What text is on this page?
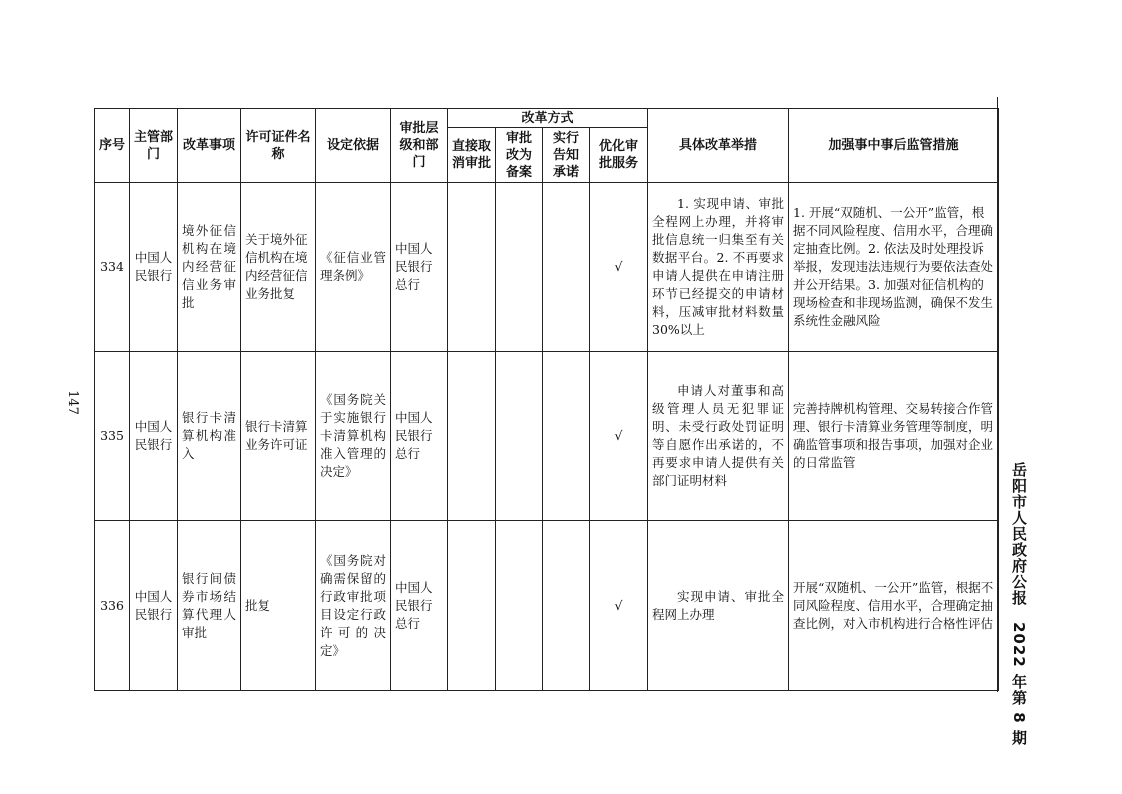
147
岳阳市人民政府公报2022 年第 8 期
序号	主管部门	改革事项	许可证件名称	设定依据	审批层级和部门	改革方式				具体改革举措	加强事中事后监管措施
						直接取消审批	审批改为备案	实行告知承诺	优化审批服务		
334	中国人民银行	境外征信机构在境内经营征信业务审批	关于境外征信机构在境内经营征信业务批复	《征信业管理条例》	中国人民银行总行				√	1. 实现申请、审批全程网上办理，并将审批信息统一归集至有关数据平台。2. 不再要求申请人提供在申请注册环节已经提交的申请材料，压减审批材料数量 30%以上	1. 开展“双随机、一公开”监管，根据不同风险程度、信用水平，合理确定抽查比例。2. 依法及时处理投诉举报，发现违法违规行为要依法查处并公开结果。3. 加强对征信机构的现场检查和非现场监测，确保不发生系统性金融风险
335	中国人民银行	银行卡清算机构准入	银行卡清算业务许可证	《国务院关于实施银行卡清算机构准入管理的决定》	中国人民银行总行				√	申请人对董事和高级管理人员无犯罪证明、未受行政处罚证明等自愿作出承诺的，不再要求申请人提供有关部门证明材料	完善持牌机构管理、交易转接合作管理、银行卡清算业务管理等制度，明确监管事项和报告事项，加强对企业的日常监管
336	中国人民银行	银行间债券市场结算代理人审批	批复	《国务院对确需保留的行政审批项目设定行政许可的决定》	中国人民银行总行				√	实现申请、审批全程网上办理	开展“双随机、一公开”监管，根据不同风险程度、信用水平，合理确定抽查比例，对入市机构进行合格性评估
